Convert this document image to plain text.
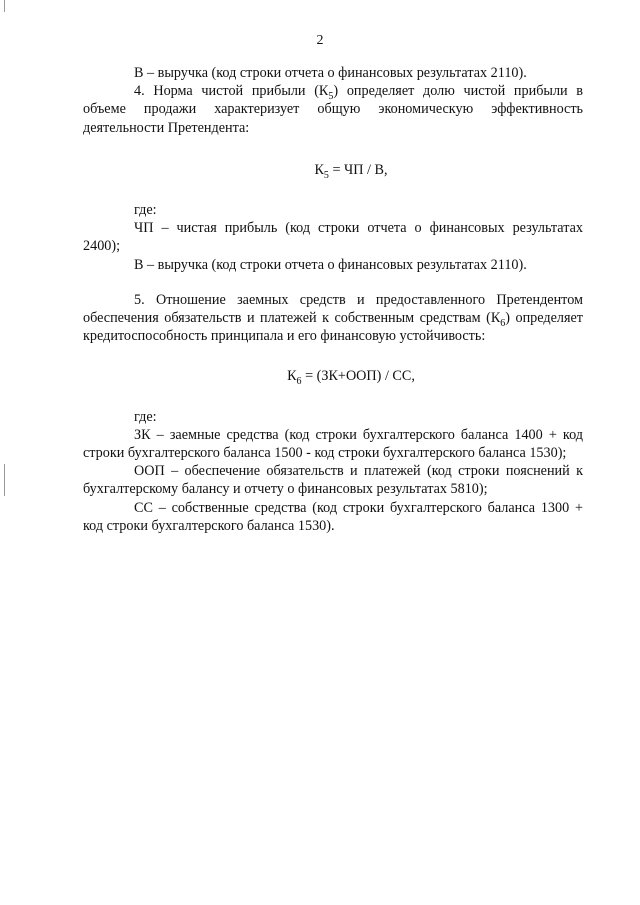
2

В – выручка (код строки отчета о финансовых результатах 2110).

4. Норма чистой прибыли $(К_5)$ определяет долю чистой прибыли в объеме продажи характеризует общую экономическую эффективность деятельности Претендента:

$К_5$ = ЧП / В,

где:

ЧП – чистая прибыль (код строки отчета о финансовых результатах 2400);

В – выручка (код строки отчета о финансовых результатах 2110).

5. Отношение заемных средств и предоставленного Претендентом обеспечения обязательств и платежей к собственным средствам $(К_6)$ определяет кредитоспособность принципала и его финансовую устойчивость:

$К_6 = (ЗК+ООП)$ / СС,

где:

ЗК – заемные средства (код строки бухгалтерского баланса 1400 + код строки бухгалтерского баланса 1500 - код строки бухгалтерского баланса 1530);

ООП – обеспечение обязательств и платежей (код строки пояснений к бухгалтерскому балансу и отчету о финансовых результатах 5810);

СС – собственные средства (код строки бухгалтерского баланса 1300 + код строки бухгалтерского баланса 1530).
